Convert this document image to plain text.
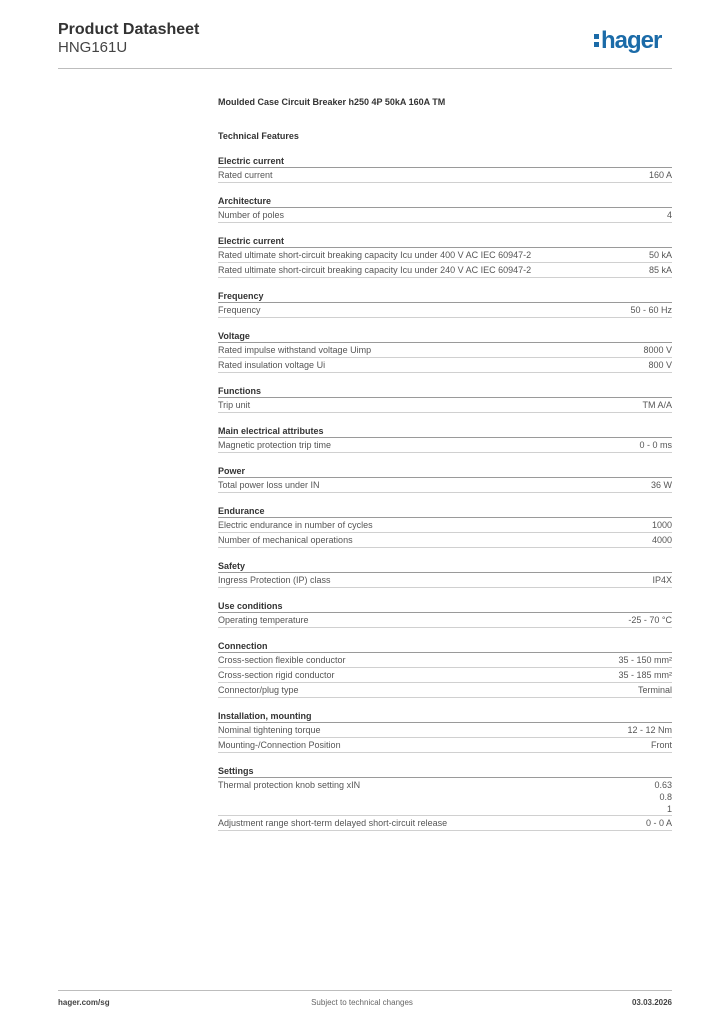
Product Datasheet
HNG161U	hager
Moulded Case Circuit Breaker h250 4P 50kA 160A TM
Technical Features
Electric current
Rated current	160 A
Architecture
Number of poles	4
Electric current
Rated ultimate short-circuit breaking capacity Icu under 400 V AC IEC 60947-2	50 kA
Rated ultimate short-circuit breaking capacity Icu under 240 V AC IEC 60947-2	85 kA
Frequency
Frequency	50 - 60 Hz
Voltage
Rated impulse withstand voltage Uimp	8000 V
Rated insulation voltage Ui	800 V
Functions
Trip unit	TM A/A
Main electrical attributes
Magnetic protection trip time	0 - 0 ms
Power
Total power loss under IN	36 W
Endurance
Electric endurance in number of cycles	1000
Number of mechanical operations	4000
Safety
Ingress Protection (IP) class	IP4X
Use conditions
Operating temperature	-25 - 70 °C
Connection
Cross-section flexible conductor	35 - 150 mm²
Cross-section rigid conductor	35 - 185 mm²
Connector/plug type	Terminal
Installation, mounting
Nominal tightening torque	12 - 12 Nm
Mounting-/Connection Position	Front
Settings
Thermal protection knob setting xIN	0.63
0.8
1
Adjustment range short-term delayed short-circuit release	0 - 0 A
hager.com/sg	Subject to technical changes	03.03.2026
